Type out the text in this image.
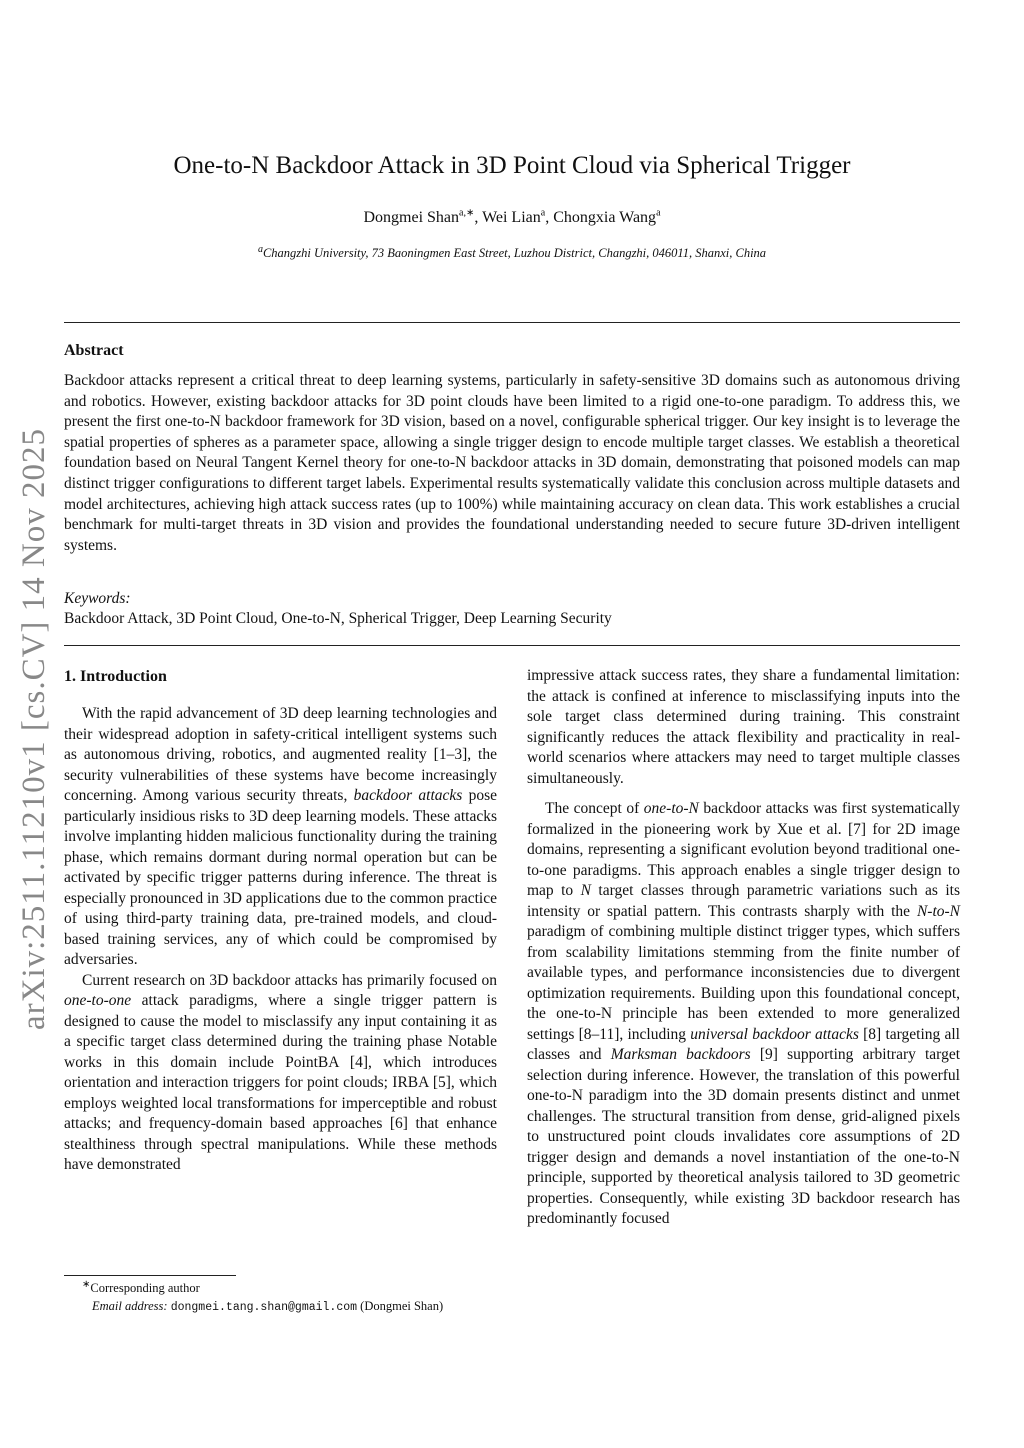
arXiv:2511.11210v1 [cs.CV] 14 Nov 2025
One-to-N Backdoor Attack in 3D Point Cloud via Spherical Trigger
Dongmei Shan$^{a,∗}$, Wei Lian$^a$, Chongxia Wang$^a$
$^a$Changzhi University, 73 Baoningmen East Street, Luzhou District, Changzhi, 046011, Shanxi, China
Abstract
Backdoor attacks represent a critical threat to deep learning systems, particularly in safety-sensitive 3D domains such as autonomous driving and robotics. However, existing backdoor attacks for 3D point clouds have been limited to a rigid one-to-one paradigm. To address this, we present the first one-to-N backdoor framework for 3D vision, based on a novel, configurable spherical trigger. Our key insight is to leverage the spatial properties of spheres as a parameter space, allowing a single trigger design to encode multiple target classes. We establish a theoretical foundation based on Neural Tangent Kernel theory for one-to-N backdoor attacks in 3D domain, demonstrating that poisoned models can map distinct trigger configurations to different target labels. Experimental results systematically validate this conclusion across multiple datasets and model architectures, achieving high attack success rates (up to 100%) while maintaining accuracy on clean data. This work establishes a crucial benchmark for multi-target threats in 3D vision and provides the foundational understanding needed to secure future 3D-driven intelligent systems.
Keywords:
Backdoor Attack, 3D Point Cloud, One-to-N, Spherical Trigger, Deep Learning Security
1. Introduction

With the rapid advancement of 3D deep learning technologies and their widespread adoption in safety-critical intelligent systems such as autonomous driving, robotics, and augmented reality [1–3], the security vulnerabilities of these systems have become increasingly concerning. Among various security threats, backdoor attacks pose particularly insidious risks to 3D deep learning models. These attacks involve implanting hidden malicious functionality during the training phase, which remains dormant during normal operation but can be activated by specific trigger patterns during inference. The threat is especially pronounced in 3D applications due to the common practice of using third-party training data, pre-trained models, and cloud-based training services, any of which could be compromised by adversaries.

Current research on 3D backdoor attacks has primarily focused on one-to-one attack paradigms, where a single trigger pattern is designed to cause the model to misclassify any input containing it as a specific target class determined during the training phase Notable works in this domain include PointBA [4], which introduces orientation and interaction triggers for point clouds; IRBA [5], which employs weighted local transformations for imperceptible and robust attacks; and frequency-domain based approaches [6] that enhance stealthiness through spectral manipulations. While these methods have demonstrated

impressive attack success rates, they share a fundamental limitation: the attack is confined at inference to misclassifying inputs into the sole target class determined during training. This constraint significantly reduces the attack flexibility and practicality in real-world scenarios where attackers may need to target multiple classes simultaneously.

The concept of one-to-N backdoor attacks was first systematically formalized in the pioneering work by Xue et al. [7] for 2D image domains, representing a significant evolution beyond traditional one-to-one paradigms. This approach enables a single trigger design to map to N target classes through parametric variations such as its intensity or spatial pattern. This contrasts sharply with the N-to-N paradigm of combining multiple distinct trigger types, which suffers from scalability limitations stemming from the finite number of available types, and performance inconsistencies due to divergent optimization requirements. Building upon this foundational concept, the one-to-N principle has been extended to more generalized settings [8–11], including universal backdoor attacks [8] targeting all classes and Marksman backdoors [9] supporting arbitrary target selection during inference. However, the translation of this powerful one-to-N paradigm into the 3D domain presents distinct and unmet challenges. The structural transition from dense, grid-aligned pixels to unstructured point clouds invalidates core assumptions of 2D trigger design and demands a novel instantiation of the one-to-N principle, supported by theoretical analysis tailored to 3D geometric properties. Consequently, while existing 3D backdoor research has predominantly focused

∗Corresponding author
Email address: dongmei.tang.shan@gmail.com (Dongmei Shan)
